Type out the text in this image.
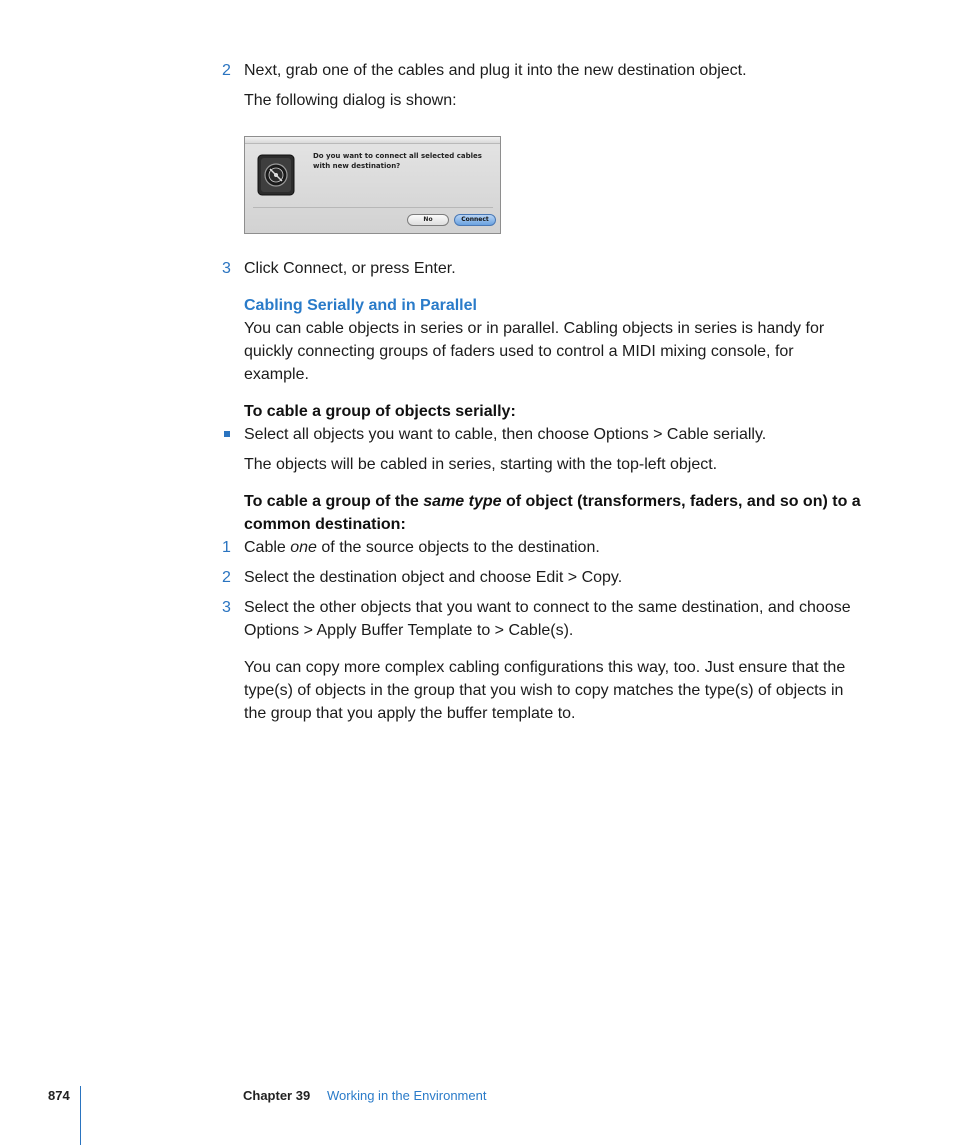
2 Next, grab one of the cables and plug it into the new destination object.
The following dialog is shown:
Do you want to connect all selected cables
with new destination?
No	Connect
3 Click Connect, or press Enter.
Cabling Serially and in Parallel
You can cable objects in series or in parallel. Cabling objects in series is handy for
quickly connecting groups of faders used to control a MIDI mixing console, for
example.
To cable a group of objects serially:
Select all objects you want to cable, then choose Options > Cable serially.
The objects will be cabled in series, starting with the top-left object.
To cable a group of the same type of object (transformers, faders, and so on) to a
common destination:
1 Cable one of the source objects to the destination.
2 Select the destination object and choose Edit > Copy.
3 Select the other objects that you want to connect to the same destination, and choose
Options > Apply Buffer Template to > Cable(s).
You can copy more complex cabling configurations this way, too. Just ensure that the
type(s) of objects in the group that you wish to copy matches the type(s) of objects in
the group that you apply the buffer template to.
874	Chapter 39 Working in the Environment
